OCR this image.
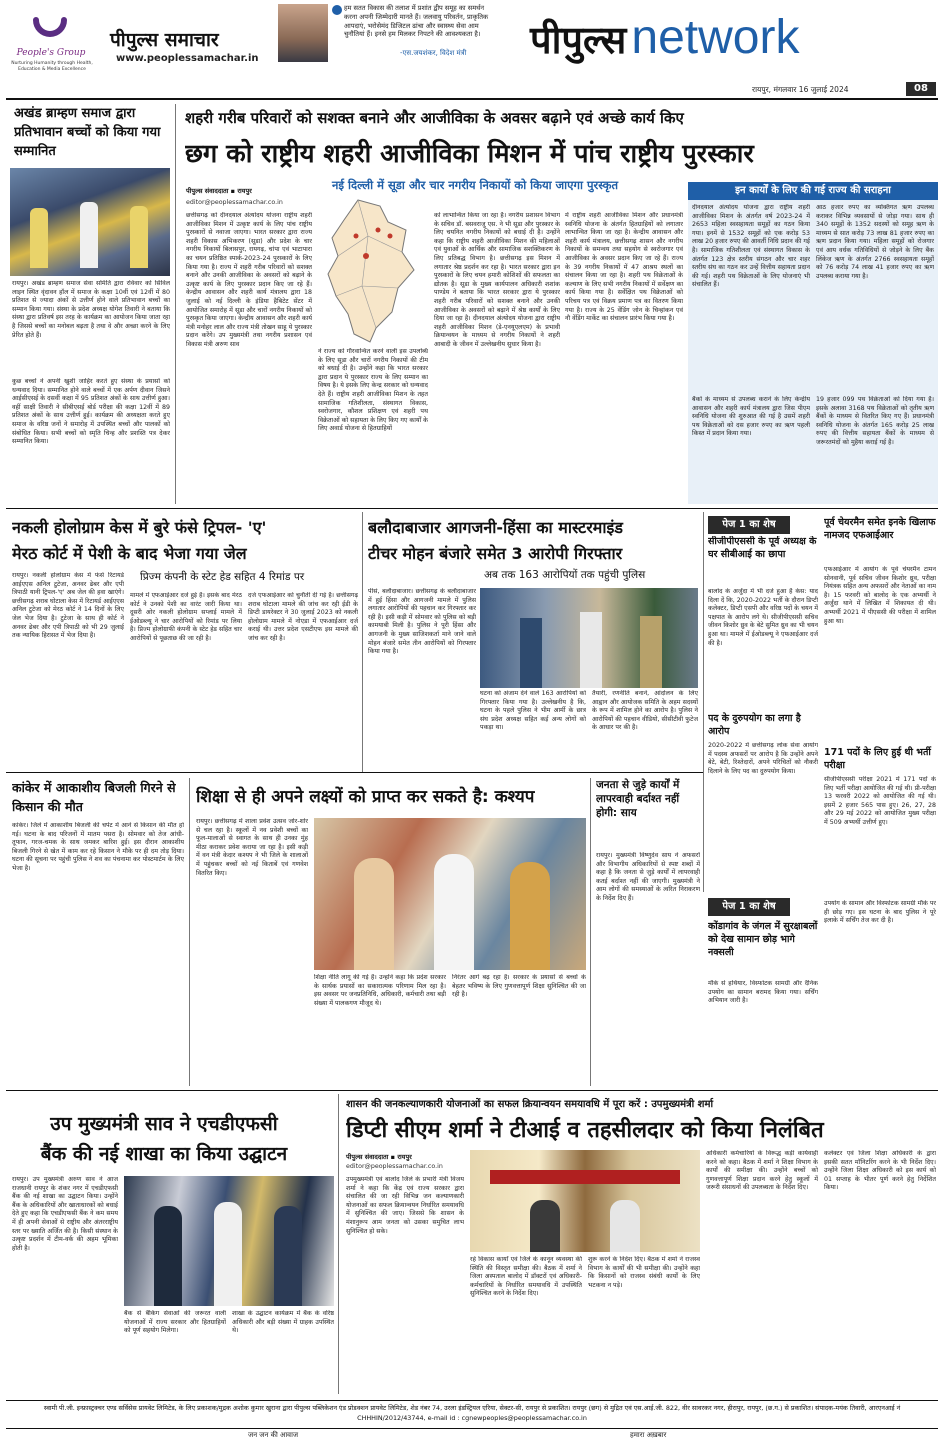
People's Group
Nurturing Humanity through Health, Education & Media Excellence
पीपुल्स समाचार
www.peoplessamachar.in
हम सतत विकास की तलाश में प्रशांत द्वीप समूह का समर्थन करना अपनी जिम्मेदारी मानते हैं। जलवायु परिवर्तन, प्राकृतिक आपदाएं, भरोसेमंद डिजिटल ढांचा और स्वास्थ्य सेवा आम चुनौतियां हैं। इनसे हम मिलकर निपटने की आवश्यकता है।
-एस.जयशंकर, विदेश मंत्री पीपुल्स network
रायपुर, मंगलवार 16 जुलाई 2024	08
अखंड ब्राम्हण समाज द्वारा प्रतिभावान बच्चों को किया गया सम्मानित
रायपुर। अखंड ब्राम्हण समाज सेवा समिति द्वारा रविवार को सिविल लाइन स्थित वृंदावन हॉल में समाज के कक्षा 10वीं एवं 12वीं में 80 प्रतिशत से ज्यादा अंकों से उत्तीर्ण होने वाले प्रतिभावान बच्चों का सम्मान किया गया। संस्था के प्रदेश अध्यक्ष योगेश तिवारी ने बताया कि संस्था द्वारा प्रतिवर्ष इस तरह के कार्यक्रम का आयोजन किया जाता रहा है जिससे बच्चों का मनोबल बढ़ता है तथा वे और अच्छा करने के लिए प्रेरित होते हैं।
कुछ बच्चों ने अपनी खुशी जाहिर करते हुए संस्था के प्रयासों को धन्यवाद दिया। सम्मानित होने वाले बच्चों में एक अर्पण दीवान जिसने आईसीएसई के दसवीं कक्षा में 95 प्रतिशत अंकों के साथ उत्तीर्ण हुआ। वहीं साक्षी तिवारी ने सीबीएसई बोर्ड परीक्षा की कक्षा 12वीं में 89 प्रतिशत अंकों के साथ उत्तीर्ण हुई। कार्यक्रम की अध्यक्षता करते हुए समाज के वरिष्ठ जनों ने समारोह में उपस्थित बच्चों और पालकों को संबोधित किया। सभी बच्चों को स्मृति चिन्ह और प्रशस्ति पत्र देकर सम्मानित किया।
शहरी गरीब परिवारों को सशक्त बनाने और आजीविका के अवसर बढ़ाने एवं अच्छे कार्य किए
छग को राष्ट्रीय शहरी आजीविका मिशन में पांच राष्ट्रीय पुरस्कार
नई दिल्ली में सूडा और चार नगरीय निकायों को किया जाएगा पुरस्कृत
पीपुल्स संवाददाता ▪ रायपुर
editor@peoplessamachar.co.in
छत्तीसगढ़ को दीनदयाल अंत्योदय योजना राष्ट्रीय शहरी आजीविका मिशन में उत्कृष्ट कार्य के लिए पांच राष्ट्रीय पुरस्कारों से नवाजा जाएगा। भारत सरकार द्वारा राज्य शहरी विकास अभिकरण (सूडा) और प्रदेश के चार नगरीय निकायों बिलासपुर, रायगढ़, चांपा एवं भाटापारा का चयन प्रतिष्ठित स्पार्क-2023-24 पुरस्कारों के लिए किया गया है। राज्य में शहरी गरीब परिवारों को सशक्त बनाने और उनकी आजीविका के अवसरों को बढ़ाने के उत्कृष्ट कार्य के लिए पुरस्कार प्रदान किए जा रहे हैं। केन्द्रीय आवासन और शहरी कार्य मंत्रालय द्वारा 18 जुलाई को नई दिल्ली के इंडिया हैबिटेट सेंटर में आयोजित समारोह में सूडा और चारों नगरीय निकायों को पुरस्कृत किया जाएगा। केन्द्रीय आवासन और शहरी कार्य मंत्री मनोहर लाल और राज्य मंत्री तोखन साहू ये पुरस्कार प्रदान करेंगे। उप मुख्यमंत्री तथा नगरीय प्रशासन एवं विकास मंत्री अरुण साव
ने राज्य को गौरवान्वित करने वाली इस उपलब्धि के लिए सूडा और चारों नगरीय निकायों की टीम को बधाई दी है। उन्होंने कहा कि भारत सरकार द्वारा प्रदान ये पुरस्कार राज्य के लिए सम्मान का विषय है। ये इसके लिए केन्द्र सरकार को धन्यवाद देते हैं। राष्ट्रीय शहरी आजीविका मिशन के तहत सामाजिक गतिशीलता, संस्थागत विकास, स्वरोजगार, कौशल प्रशिक्षण एवं शहरी पथ विक्रेताओं को सहायता के लिए किए गए कार्यों के लिए अवार्ड योजना से हितग्राहियों
को लाभान्वित किया जा रहा है। नगरीय प्रशासन विभाग के सचिव डॉ. बसवराजु एस. ने भी सूडा और पुरस्कार के लिए चयनित नगरीय निकायों को बधाई दी है। उन्होंने कहा कि राष्ट्रीय शहरी आजीविका मिशन की महिलाओं एवं युवाओं के आर्थिक और सामाजिक सशक्तिकरण के लिए प्रतिबद्ध विभाग है। छत्तीसगढ़ इस मिशन में लगातार श्रेष्ठ प्रदर्शन कर रहा है। भारत सरकार द्वारा इन पुरस्कारों के लिए चयन हमारी कोशिशों की सफलता का द्योतक है। सूडा के मुख्य कार्यपालन अधिकारी शशांक पाण्डेय ने बताया कि भारत सरकार द्वारा ये पुरस्कार शहरी गरीब परिवारों को सशक्त बनाने और उनकी आजीविका के अवसरों को बढ़ाने में श्रेष्ठ कार्यों के लिए दिया जा रहा है। दीनदयाल अंत्योदय योजना द्वारा राष्ट्रीय शहरी आजीविका मिशन (डे-एनयूएलएम) के प्रभावी क्रियान्वयन के माध्यम से नगरीय निकायों ने शहरी आबादी के जीवन में उल्लेखनीय सुधार किया है।
में राष्ट्रीय शहरी आजीविका मिशन और प्रधानमंत्री स्वनिधि योजना के अंतर्गत हितग्राहियों को लगातार लाभान्वित किया जा रहा है। केन्द्रीय आवासन और शहरी कार्य मंत्रालय, छत्तीसगढ़ शासन और नगरीय निकायों के समन्वय तथा सहयोग से स्वरोजगार एवं आजीविका के अवसर प्रदान किए जा रहे हैं। राज्य के 39 नगरीय निकायों में 47 आश्रय स्थलों का संचालन किया जा रहा है। शहरी पथ विक्रेताओं के कल्याण के लिए सभी नगरीय निकायों में सर्वेक्षण का कार्य किया गया है। सर्वेक्षित पथ विक्रेताओं को परिचय पत्र एवं विक्रय प्रमाण पत्र का वितरण किया गया है। राज्य के 25 वेंडिंग जोन के चिन्हांकन एवं नौ वेंडिंग मार्केट का संचालन प्रारंभ किया गया है।
इन कार्यों के लिए की गई राज्य की सराहना
दीनदयाल अंत्योदय योजना द्वारा राष्ट्रीय शहरी आजीविका मिशन के अंतर्गत वर्ष 2023-24 में 2653 महिला स्वसहायता समूहों का गठन किया गया। इनमें से 1532 समूहों को एक करोड़ 53 लाख 20 हजार रुपए की आवर्ती निधि प्रदान की गई है। सामाजिक गतिशीलता एवं संस्थागत विकास के अंतर्गत 123 क्षेत्र स्तरीय संगठन और चार शहर स्तरीय संघ का गठन कर उन्हें वित्तीय सहायता प्रदान की गई। शहरी पथ विक्रेताओं के लिए योजनाएं भी संचालित हैं।
आठ हजार रुपए का व्यक्तिगत ऋण उपलब्ध कराकर विभिन्न व्यवसायों से जोड़ा गया। साथ ही 340 समूहों के 1352 सदस्यों को समूह ऋण के माध्यम से सात करोड़ 73 लाख 81 हजार रुपए का ऋण प्रदान किया गया। महिला समूहों को रोजगार एवं आय वर्धक गतिविधियों से जोड़ने के लिए बैंक लिंकेज ऋण के अंतर्गत 2766 स्वसहायता समूहों को 76 करोड़ 74 लाख 41 हजार रुपए का ऋण उपलब्ध कराया गया है।
बैंकों के माध्यम से उपलब्ध कराने के लिए केन्द्रीय आवासन और शहरी कार्य मंत्रालय द्वारा जिस पीएम स्वनिधि योजना की शुरुआत की गई है उसमें शहरी पथ विक्रेताओं को दस हजार रुपए का ऋण पहली किस्त में प्रदान किया गया।
19 हजार 099 पथ विक्रेताओं को दिया गया है। इसके अलावा 3168 पथ विक्रेताओं को तृतीय ऋण बैंकों के माध्यम से वितरित किए गए हैं। प्रधानमंत्री स्वनिधि योजना के अंतर्गत 165 करोड़ 25 लाख रुपए की वित्तीय सहायता बैंकों के माध्यम से जरूरतमंदों को मुहैया कराई गई है।
नकली होलोग्राम केस में बुरे फंसे ट्रिपल- 'ए'
मेरठ कोर्ट में पेशी के बाद भेजा गया जेल
प्रिज्म कंपनी के स्टेट हेड सहित 4 रिमांड पर
रायपुर। नकली होलोग्राम केस में फंसे रिटायर्ड आईएएस अनिल टुटेजा, अनवर ढेबर और एपी त्रिपाठी यानी ट्रिपल-'ए' अब जेल की हवा खाएंगे। छत्तीसगढ़ शराब घोटाला केस में रिटायर्ड आईएएस अनिल टुटेजा को मेरठ कोर्ट ने 14 दिनों के लिए जेल भेज दिया है। टुटेजा के साथ ही कोर्ट ने अनवर ढेबर और एपी त्रिपाठी को भी 29 जुलाई तक न्यायिक हिरासत में भेज दिया है।
मामले में एफआईआर दर्ज हुई है। इसके बाद मेरठ कोर्ट ने उनको पेशी का वारंट जारी किया था। दूसरी ओर नकली होलोग्राम सप्लाई मामले में ईओडब्ल्यू ने चार आरोपियों को रिमांड पर लिया है। प्रिज्म होलोग्राफी कंपनी के स्टेट हेड सहित चार आरोपियों से पूछताछ की जा रही है।
दर्ज एफआईआर को चुनौती दी गई है। छत्तीसगढ़ शराब घोटाला मामले की जांच कर रही ईडी के डिप्टी डायरेक्टर ने 30 जुलाई 2023 को नकली होलोग्राम मामले में नोएडा में एफआईआर दर्ज कराई थी। उत्तर प्रदेश एसटीएफ इस मामले की जांच कर रही है।
बलौदाबाजार आगजनी-हिंसा का मास्टरमाइंड
टीचर मोहन बंजारे समेत 3 आरोपी गिरफ्तार
अब तक 163 आरोपियों तक पहुंची पुलिस
पीसं, बलौदाबाजार। छत्तीसगढ़ के बलौदाबाजार में हुई हिंसा और आगजनी मामले में पुलिस लगातार आरोपियों की पहचान कर गिरफ्तार कर रही है। इसी कड़ी में सोमवार को पुलिस को बड़ी कामयाबी मिली है। पुलिस ने पूरी हिंसा और आगजनी के मुख्य साजिशकर्ता माने जाने वाले मोहन बंजारे समेत तीन आरोपियों को गिरफ्तार किया गया है।
घटना को अंजाम देने वाले 163 आरोपियों को गिरफ्तार किया गया है। उल्लेखनीय है कि, घटना के पहले पुलिस ने भीम आर्मी के छात्र संघ प्रदेश अध्यक्ष सहित कई अन्य लोगों को पकड़ा था।
तैयारी, रणनीति बनाने, आंदोलन के लिए आह्वान और आयोजक समिति के अहम सदस्यों के रूप में शामिल होने का आरोप है। पुलिस ने आरोपियों की पहचान वीडियो, सीसीटीवी फुटेज के आधार पर की है।
पेज 1 का शेष
सीजीपीएससी के पूर्व अध्यक्ष के घर सीबीआई का छापा
बालोद के अर्जुंदा में भी दर्ज हुआ है केस: याद दिला दें कि, 2020-2022 भर्ती के दौरान डिप्टी कलेक्टर, डिप्टी एसपी और वरिष्ठ पदों के चयन में पक्षपात के आरोप लगे थे। सीजीपीएससी सचिव जीवन किशोर ध्रुव के बेटे सुमित ध्रुव का भी चयन हुआ था। मामले में ईओडब्ल्यू ने एफआईआर दर्ज की है।
पद के दुरुपयोग का लगा है आरोप
2020-2022 में छत्तीसगढ़ लोक सेवा आयोग में पदस्थ अफसरों पर आरोप है कि उन्होंने अपने बेटे, बेटी, रिश्तेदारों, अपने परिचितों को नौकरी दिलाने के लिए पद का दुरुपयोग किया।
पूर्व चेयरमैन समेत इनके खिलाफ नामजद एफआईआर
एफआईआर में आयोग के पूर्व चेयरमैन टामन सोनवानी, पूर्व सचिव जीवन किशोर ध्रुव, परीक्षा नियंत्रक सहित अन्य अफसरों और नेताओं का नाम है। 15 फरवरी को बालोद के एक अभ्यर्थी ने अर्जुंदा थाने में लिखित में शिकायत दी थी। अभ्यर्थी 2021 में पीएससी की परीक्षा में शामिल हुआ था।
171 पदों के लिए हुई थी भर्ती परीक्षा
सीजीपीएससी परीक्षा 2021 में 171 पदों के लिए भर्ती परीक्षा आयोजित की गई थी। प्री-परीक्षा 13 फरवरी 2022 को आयोजित की गई थी। इसमें 2 हजार 565 पास हुए। 26, 27, 28 और 29 मई 2022 को आयोजित मुख्य परीक्षा में 509 अभ्यर्थी उत्तीर्ण हुए।
कांकेर में आकाशीय बिजली गिरने से किसान की मौत
कांकेर। जिले में आकाशीय बिजली की चपेट में आने से किसान की मौत हो गई। घटना के बाद परिजनों में मातम पसरा है। सोमवार को तेज आंधी-तूफान, गरज-चमक के साथ जमकर बारिश हुई। इस दौरान आकाशीय बिजली गिरने से खेत में काम कर रहे किसान ने मौके पर ही दम तोड़ दिया। घटना की सूचना पर पहुंची पुलिस ने शव का पंचनामा कर पोस्टमार्टम के लिए भेजा है।
शिक्षा से ही अपने लक्ष्यों को प्राप्त कर सकते है: कश्यप
रायपुर। छत्तीसगढ़ में शाला प्रवेश उत्सव जोर-शोर से चल रहा है। स्कूलों में नव प्रवेशी बच्चों का फूल-मालाओं से स्वागत के साथ ही उनका मुंह मीठा कराकर प्रवेश कराया जा रहा है। इसी कड़ी में वन मंत्री केदार कश्यप ने भी जिले के शालाओं में पहुंचकर बच्चों को नई किताबें एवं गणवेश वितरित किए।
शिक्षा नीति लागू की गई है। उन्होंने कहा कि प्रदेश सरकार के सार्थक प्रयासों का सकारात्मक परिणाम मिल रहा है। इस अवसर पर जनप्रतिनिधि, अधिकारी, कर्मचारी तथा बड़ी संख्या में पालकगण मौजूद थे।
निरंतर आगे बढ़ रहा है। सरकार के प्रयासों से बच्चों के बेहतर भविष्य के लिए गुणवत्तापूर्ण शिक्षा सुनिश्चित की जा रही है।
जनता से जुड़े कार्यों में लापरवाही बर्दाश्त नहीं होगी: साय
रायपुर। मुख्यमंत्री विष्णुदेव साय ने अफसरों और विभागीय अधिकारियों से स्पष्ट शब्दों में कहा है कि जनता से जुड़े कार्यों में लापरवाही कतई बर्दाश्त नहीं की जाएगी। मुख्यमंत्री ने आम लोगों की समस्याओं के त्वरित निराकरण के निर्देश दिए हैं।
पेज 1 का शेष
कोंडागांव के जंगल में सुरक्षाबलों को देख सामान छोड़ भागे नक्सली
मौके से हथियार, विस्फोटक सामग्री और दैनिक उपयोग का सामान बरामद किया गया। सर्चिंग अभियान जारी है।
उपयोग के सामान और विस्फोटक सामग्री मौके पर ही छोड़ गए। इस घटना के बाद पुलिस ने पूरे इलाके में सर्चिंग तेज कर दी है।
उप मुख्यमंत्री साव ने एचडीएफसी
बैंक की नई शाखा का किया उद्घाटन
रायपुर। उप मुख्यमंत्री अरुण साव ने आज राजधानी रायपुर के शंकर नगर में एचडीएफसी बैंक की नई शाखा का उद्घाटन किया। उन्होंने बैंक के अधिकारियों और खाताधारकों को बधाई देते हुए कहा कि एचडीएफसी बैंक ने कम समय में ही अपनी सेवाओं से राष्ट्रीय और अंतरराष्ट्रीय स्तर पर ख्याति अर्जित की है। किसी संस्थान के उत्कृष्ट प्रदर्शन में टीम-वर्क की अहम भूमिका होती है।
बैंक से बैंकिंग सेवाओं की जरूरत वाली योजनाओं में राज्य सरकार और हितग्राहियों को पूर्ण सहयोग मिलेगा।
शाखा के उद्घाटन कार्यक्रम में बैंक के वरिष्ठ अधिकारी और बड़ी संख्या में ग्राहक उपस्थित थे।
शासन की जनकल्याणकारी योजनाओं का सफल क्रियान्वयन समयावधि में पूरा करें : उपमुख्यमंत्री शर्मा
डिप्टी सीएम शर्मा ने टीआई व तहसीलदार को किया निलंबित
पीपुल्स संवाददाता ▪ रायपुर
editor@peoplessamachar.co.in
उपमुख्यमंत्री एवं बालोद जिले के प्रभारी मंत्री विजय शर्मा ने कहा कि केंद्र एवं राज्य सरकार द्वारा संचालित की जा रही विभिन्न जन कल्याणकारी योजनाओं का सफल क्रियान्वयन निर्धारित समयावधि में सुनिश्चित की जाए। जिससे कि शासन के मंशानुरूप आम जनता को उसका समुचित लाभ सुनिश्चित हो सके।
रहे विकास कार्यों एवं जिले के कानून व्यवस्था की स्थिति की विस्तृत समीक्षा की। बैठक में शर्मा ने जिला अस्पताल बालोद में डॉक्टरों एवं अधिकारी-कर्मचारियों के निर्धारित समयावधि में उपस्थिति सुनिश्चित करने के निर्देश दिए।
शुरू करने के निर्देश दिए। बैठक में शर्मा ने राजस्व विभाग के कार्यों की भी समीक्षा की। उन्होंने कहा कि किसानों को राजस्व संबंधी कार्यों के लिए भटकना न पड़े।
अधिकारी कर्मचारियों के विरूद्ध कड़ी कार्यवाही करने को कहा। बैठक में शर्मा ने शिक्षा विभाग के कार्यों की समीक्षा की। उन्होंने बच्चों को गुणवत्तापूर्ण शिक्षा प्रदान करने हेतु स्कूलों में जरूरी संसाधनों की उपलब्धता के निर्देश दिए।
कलेक्टर एवं जिला शिक्षा अधिकारी के द्वारा इसकी सतत मॉनिटरिंग करने के भी निर्देश दिए। उन्होंने जिला शिक्षा अधिकारी को इस कार्य को 01 सप्ताह के भीतर पूर्ण करने हेतु निर्देशित किया।
स्वामी पी.जी. इन्फ्रास्ट्रक्चर एण्ड सर्विसेस प्रायवेट लिमिटेड, के लिए प्रकाशक/मुद्रक अशोक कुमार खुराना द्वारा पीपुल्स पब्लिकेशन एंड प्रोडक्शन प्रायवेट लिमिटेड, शेड नंबर 74, उरला इंडस्ट्रियल एरिया, सेक्टर-सी, रायपुर से प्रकाशित। रायपुर (छग) से मुद्रित एवं एस.आई.जी. 822, वीर सावरकर नगर, हीरापुर, रायपुर, (छ.ग.) से प्रकाशित। संपादक-मयंक तिवारी, आरएनआई नं CHHHIN/2012/43744, e-mail id : cgnewpeoples@peoplessamachar.co.in
जन जन की आवाज	हमारा अख़बार
